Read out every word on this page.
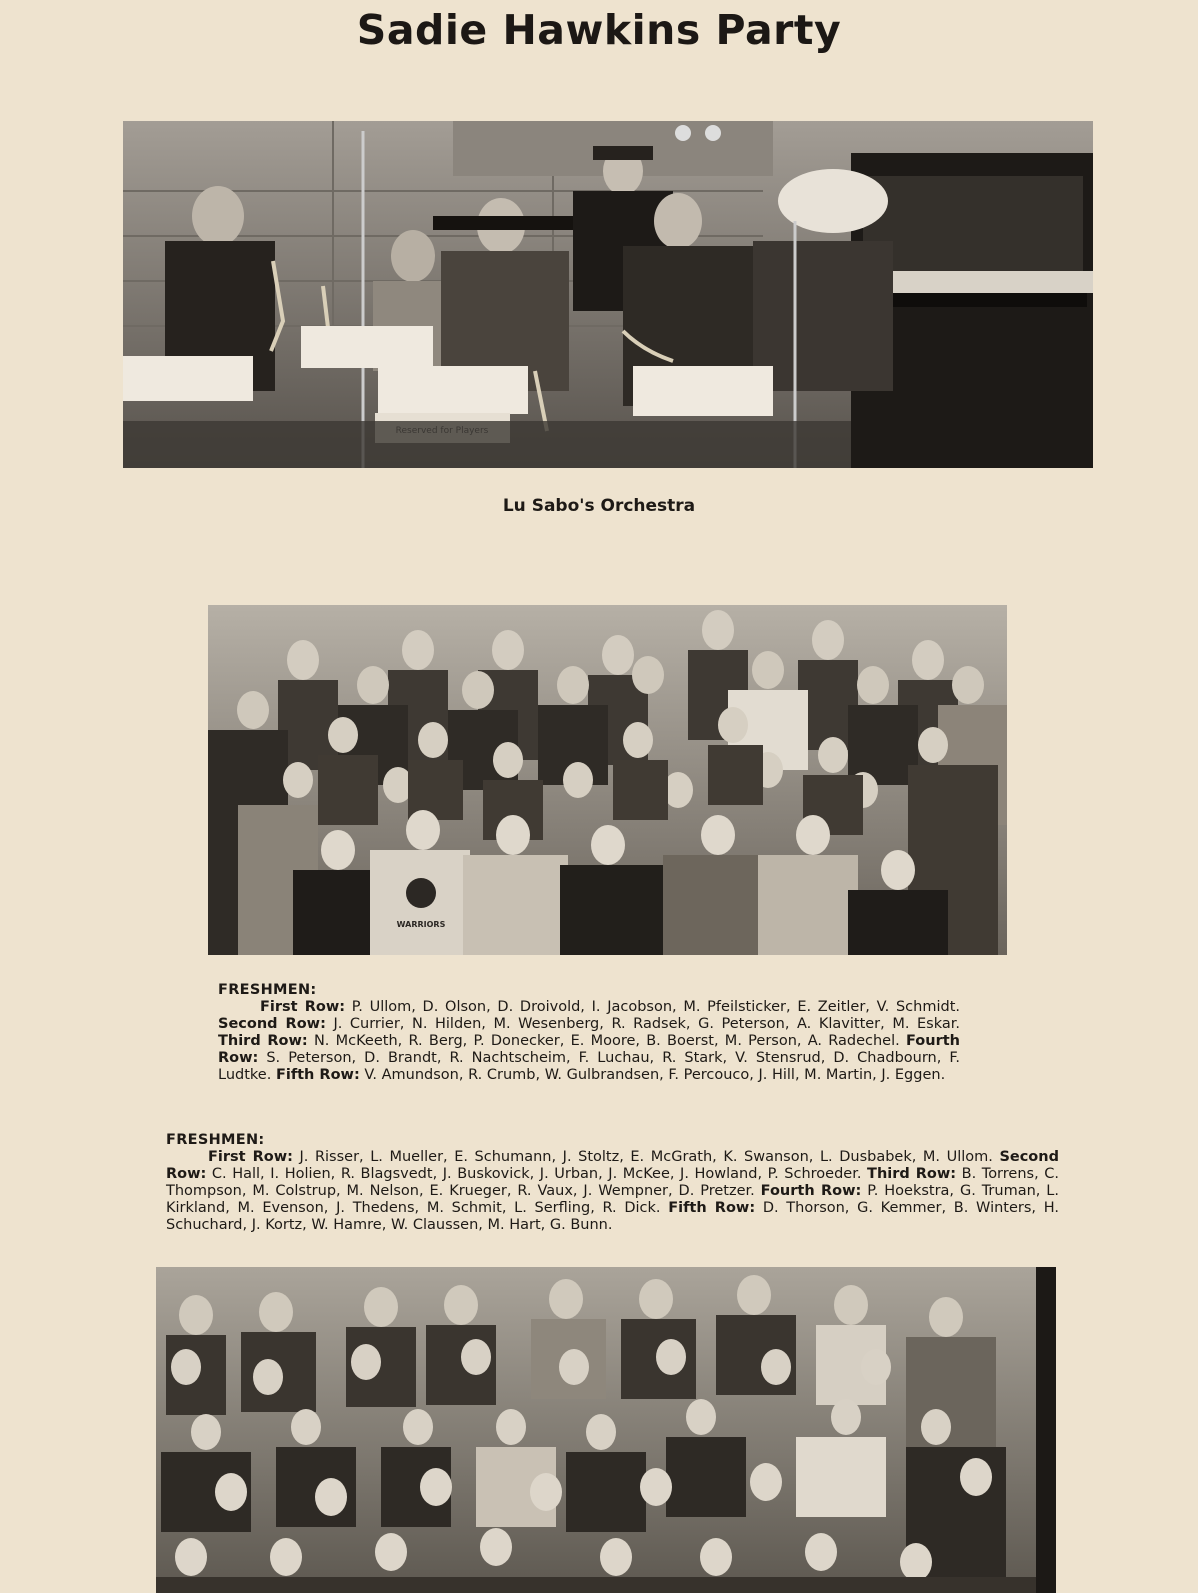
Sadie Hawkins Party
Lu Sabo's Orchestra
WARRIORS
FRESHMEN:
First Row: P. Ullom, D. Olson, D. Droivold, I. Jacobson, M. Pfeilsticker, E. Zeitler, V. Schmidt. Second Row: J. Currier, N. Hilden, M. Wesenberg, R. Radsek, G. Peterson, A. Klavitter, M. Eskar. Third Row: N. McKeeth, R. Berg, P. Donecker, E. Moore, B. Boerst, M. Person, A. Radechel. Fourth Row: S. Peterson, D. Brandt, R. Nachtscheim, F. Luchau, R. Stark, V. Stensrud, D. Chadbourn, F. Ludtke. Fifth Row: V. Amundson, R. Crumb, W. Gulbrandsen, F. Percouco, J. Hill, M. Martin, J. Eggen.
FRESHMEN:
First Row: J. Risser, L. Mueller, E. Schumann, J. Stoltz, E. McGrath, K. Swanson, L. Dusbabek, M. Ullom. Second Row: C. Hall, I. Holien, R. Blagsvedt, J. Buskovick, J. Urban, J. McKee, J. Howland, P. Schroeder. Third Row: B. Torrens, C. Thompson, M. Colstrup, M. Nelson, E. Krueger, R. Vaux, J. Wempner, D. Pretzer. Fourth Row: P. Hoekstra, G. Truman, L. Kirkland, M. Evenson, J. Thedens, M. Schmit, L. Serfling, R. Dick. Fifth Row: D. Thorson, G. Kemmer, B. Winters, H. Schuchard, J. Kortz, W. Hamre, W. Claussen, M. Hart, G. Bunn.
